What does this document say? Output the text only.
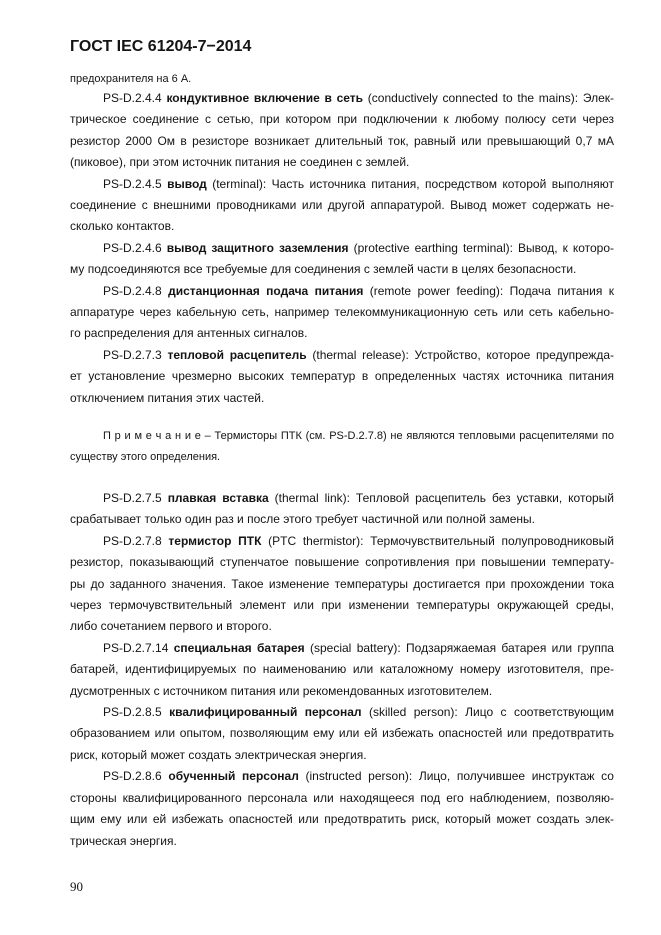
ГОСТ IEC 61204-7−2014
предохранителя на 6 А.
PS-D.2.4.4 кондуктивное включение в сеть (conductively connected to the mains): Элек-
трическое соединение с сетью, при котором при подключении к любому полюсу сети через
резистор 2000 Ом в резисторе возникает длительный ток, равный или превышающий 0,7 мА
(пиковое), при этом источник питания не соединен с землей.
PS-D.2.4.5 вывод (terminal): Часть источника питания, посредством которой выполняют
соединение с внешними проводниками или другой аппаратурой. Вывод может содержать не-
сколько контактов.
PS-D.2.4.6 вывод защитного заземления (protective earthing terminal): Вывод, к которо-
му подсоединяются все требуемые для соединения с землей части в целях безопасности.
PS-D.2.4.8 дистанционная подача питания (remote power feeding): Подача питания к
аппаратуре через кабельную сеть, например телекоммуникационную сеть или сеть кабельно-
го распределения для антенных сигналов.
PS-D.2.7.3 тепловой расцепитель (thermal release): Устройство, которое предупрежда-
ет установление чрезмерно высоких температур в определенных частях источника питания
отключением питания этих частей.
П р и м е ч а н и е – Термисторы ПТК (см. PS-D.2.7.8) не являются тепловыми расцепителями по
существу этого определения.
PS-D.2.7.5 плавкая вставка (thermal link): Тепловой расцепитель без уставки, который
срабатывает только один раз и после этого требует частичной или полной замены.
PS-D.2.7.8 термистор ПТК (PTC thermistor): Термочувствительный полупроводниковый
резистор, показывающий ступенчатое повышение сопротивления при повышении температу-
ры до заданного значения. Такое изменение температуры достигается при прохождении тока
через термочувствительный элемент или при изменении температуры окружающей среды,
либо сочетанием первого и второго.
PS-D.2.7.14 специальная батарея (special battery): Подзаряжаемая батарея или группа
батарей, идентифицируемых по наименованию или каталожному номеру изготовителя, пре-
дусмотренных с источником питания или рекомендованных изготовителем.
PS-D.2.8.5 квалифицированный персонал (skilled person): Лицо с соответствующим
образованием или опытом, позволяющим ему или ей избежать опасностей или предотвратить
риск, который может создать электрическая энергия.
PS-D.2.8.6 обученный персонал (instructed person): Лицо, получившее инструктаж со
стороны квалифицированного персонала или находящееся под его наблюдением, позволяю-
щим ему или ей избежать опасностей или предотвратить риск, который может создать элек-
трическая энергия.
90
